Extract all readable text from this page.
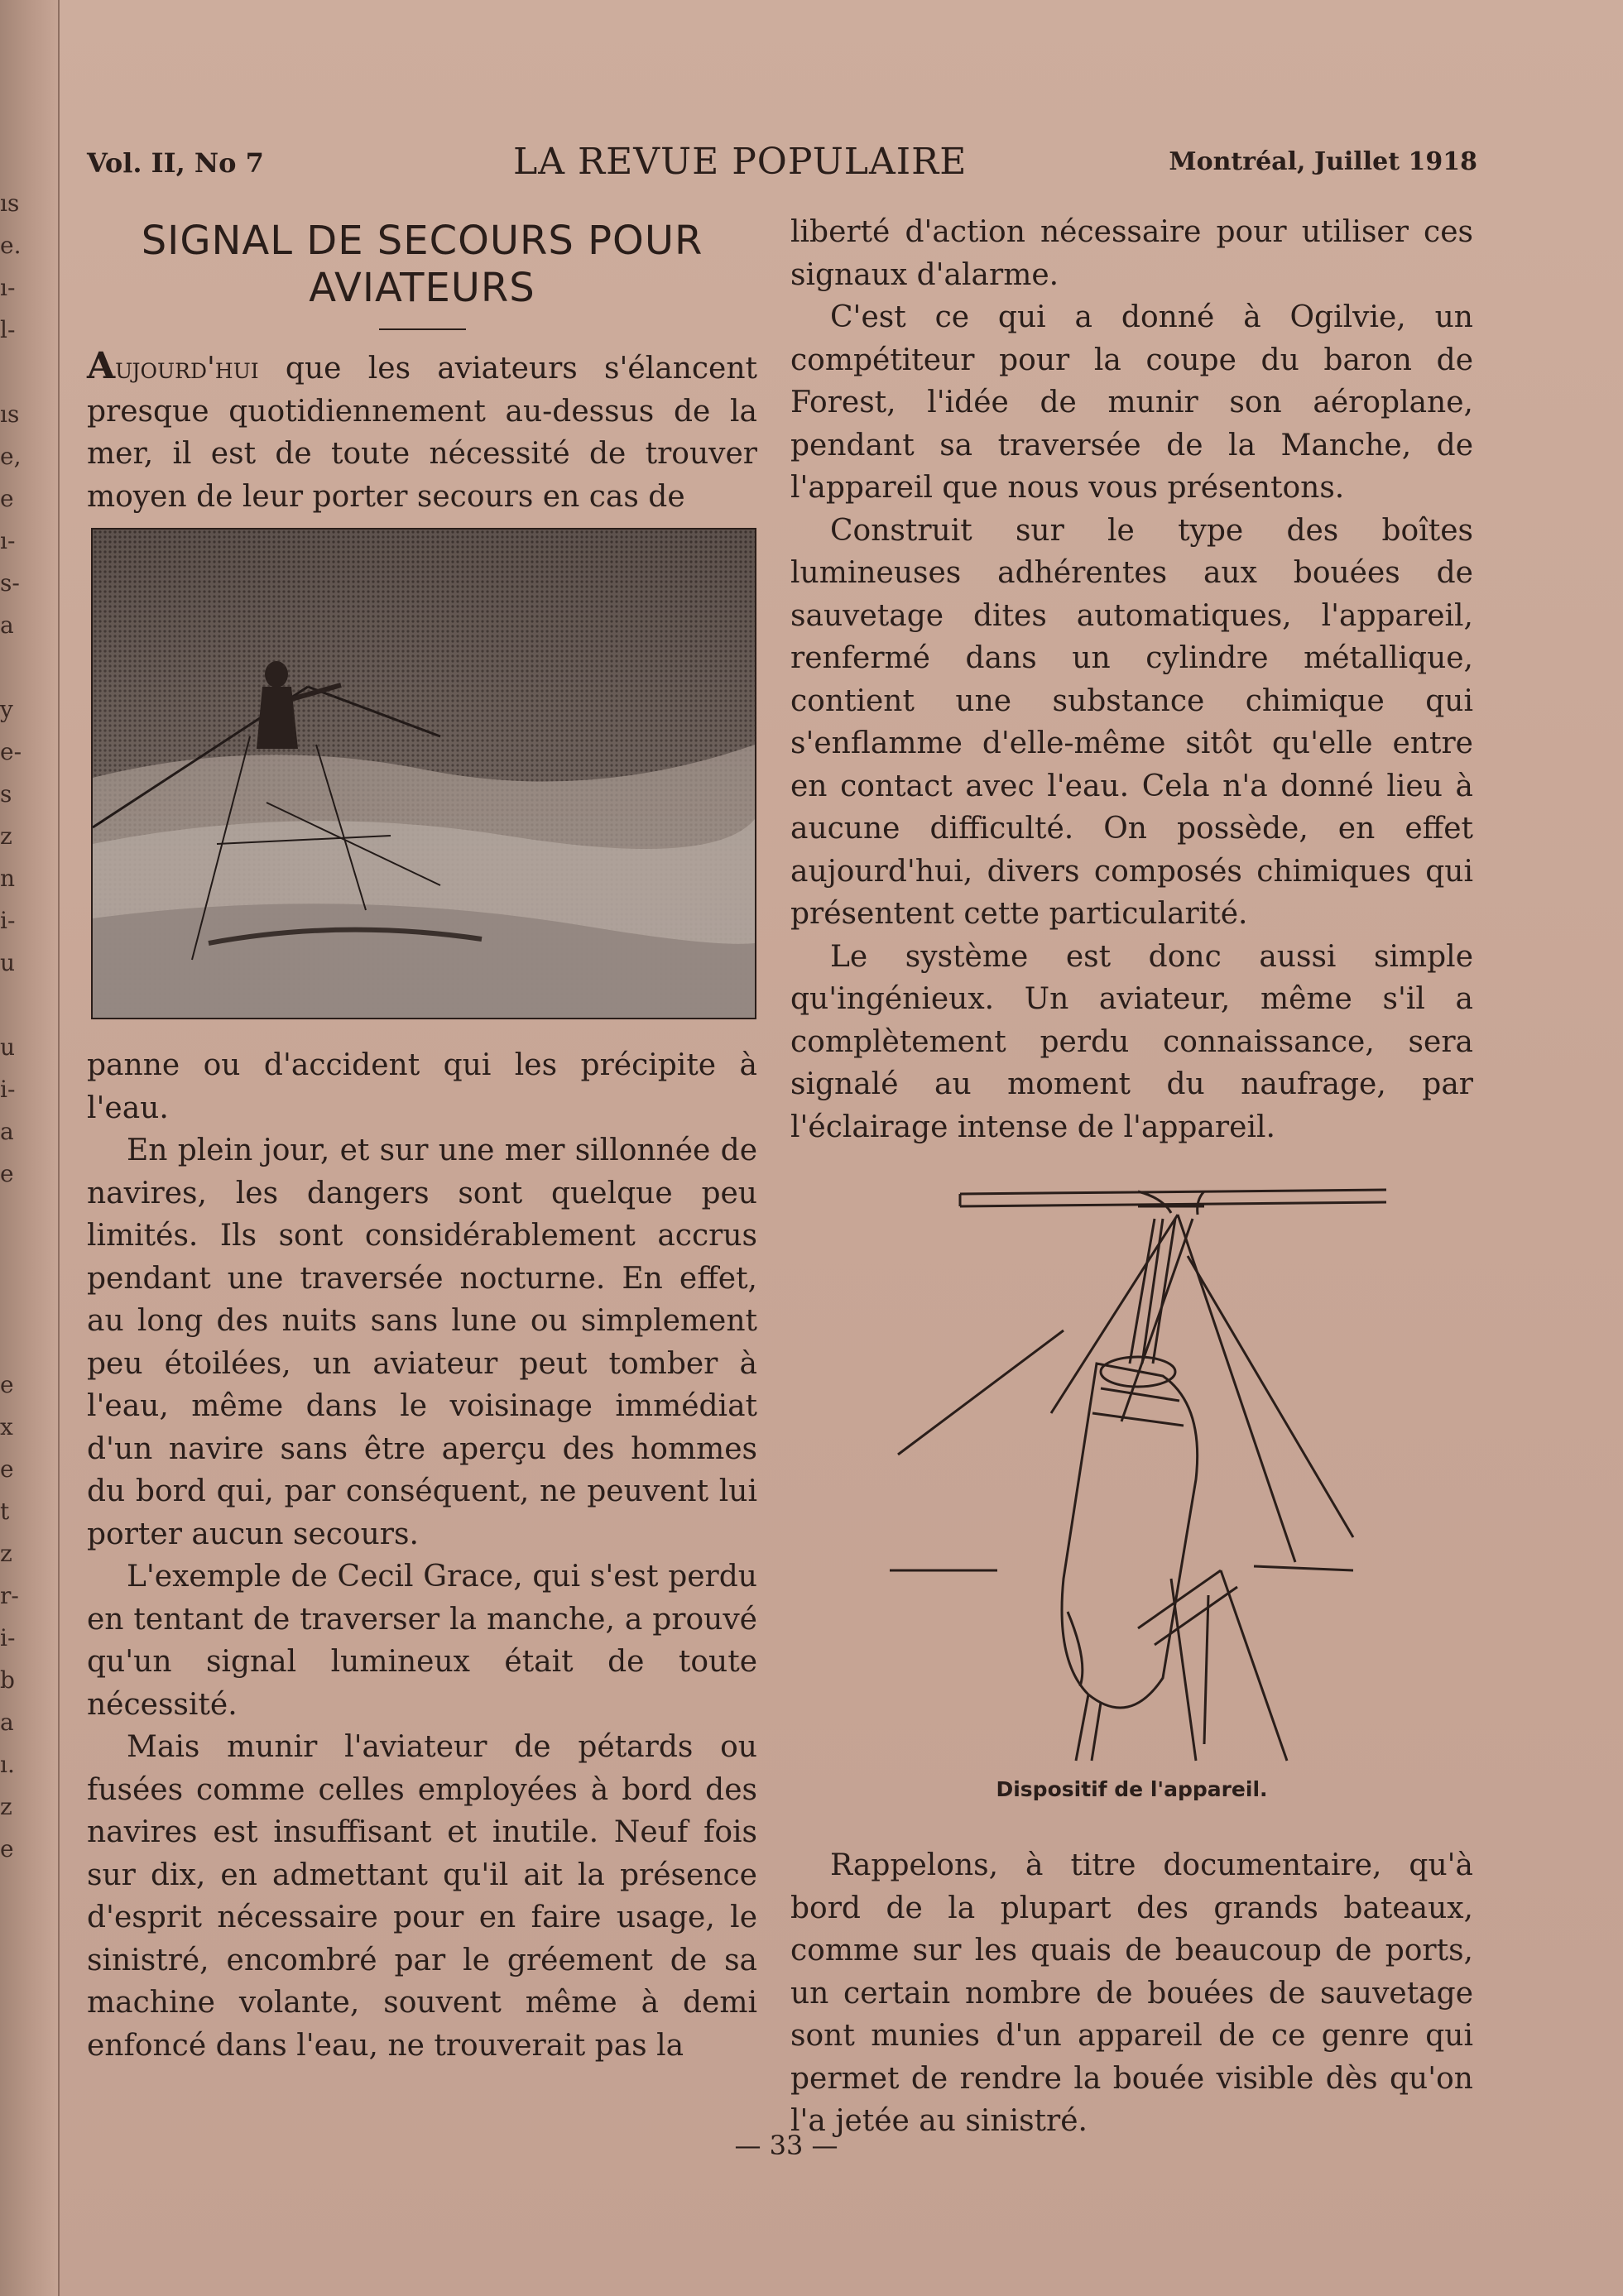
ıs
e.
ı-
l-
ıs
e,
e
ı-
s-
a
y
e-
s
z
n
i-
u
u
i-
a
e
e
x
e
t
z
r-
i-
b
a
ı.
z
e
Vol. II, No 7	LA REVUE POPULAIRE	Montréal, Juillet 1918
SIGNAL DE SECOURS POUR
AVIATEURS

Aujourd'hui que les aviateurs s'élancent presque quotidiennement au-dessus de la mer, il est de toute nécessité de trouver moyen de leur porter secours en cas de

panne ou d'accident qui les précipite à l'eau.

En plein jour, et sur une mer sillonnée de navires, les dangers sont quelque peu limités. Ils sont considérablement accrus pendant une traversée nocturne. En effet, au long des nuits sans lune ou simplement peu étoilées, un aviateur peut tomber à l'eau, même dans le voisinage immédiat d'un navire sans être aperçu des hommes du bord qui, par conséquent, ne peuvent lui porter aucun secours.

L'exemple de Cecil Grace, qui s'est perdu en tentant de traverser la manche, a prouvé qu'un signal lumineux était de toute nécessité.

Mais munir l'aviateur de pétards ou fusées comme celles employées à bord des navires est insuffisant et inutile. Neuf fois sur dix, en admettant qu'il ait la présence d'esprit nécessaire pour en faire usage, le sinistré, encombré par le gréement de sa machine volante, souvent même à demi enfoncé dans l'eau, ne trouverait pas la

liberté d'action nécessaire pour utiliser ces signaux d'alarme.

C'est ce qui a donné à Ogilvie, un compétiteur pour la coupe du baron de Forest, l'idée de munir son aéroplane, pendant sa traversée de la Manche, de l'appareil que nous vous présentons.

Construit sur le type des boîtes lumineuses adhérentes aux bouées de sauvetage dites automatiques, l'appareil, renfermé dans un cylindre métallique, contient une substance chimique qui s'enflamme d'elle-même sitôt qu'elle entre en contact avec l'eau. Cela n'a donné lieu à aucune difficulté. On possède, en effet aujourd'hui, divers composés chimiques qui présentent cette particularité.

Le système est donc aussi simple qu'ingénieux. Un aviateur, même s'il a complètement perdu connaissance, sera signalé au moment du naufrage, par l'éclairage intense de l'appareil.

Dispositif de l'appareil.

Rappelons, à titre documentaire, qu'à bord de la plupart des grands bateaux, comme sur les quais de beaucoup de ports, un certain nombre de bouées de sauvetage sont munies d'un appareil de ce genre qui permet de rendre la bouée visible dès qu'on l'a jetée au sinistré.

— 33 —
